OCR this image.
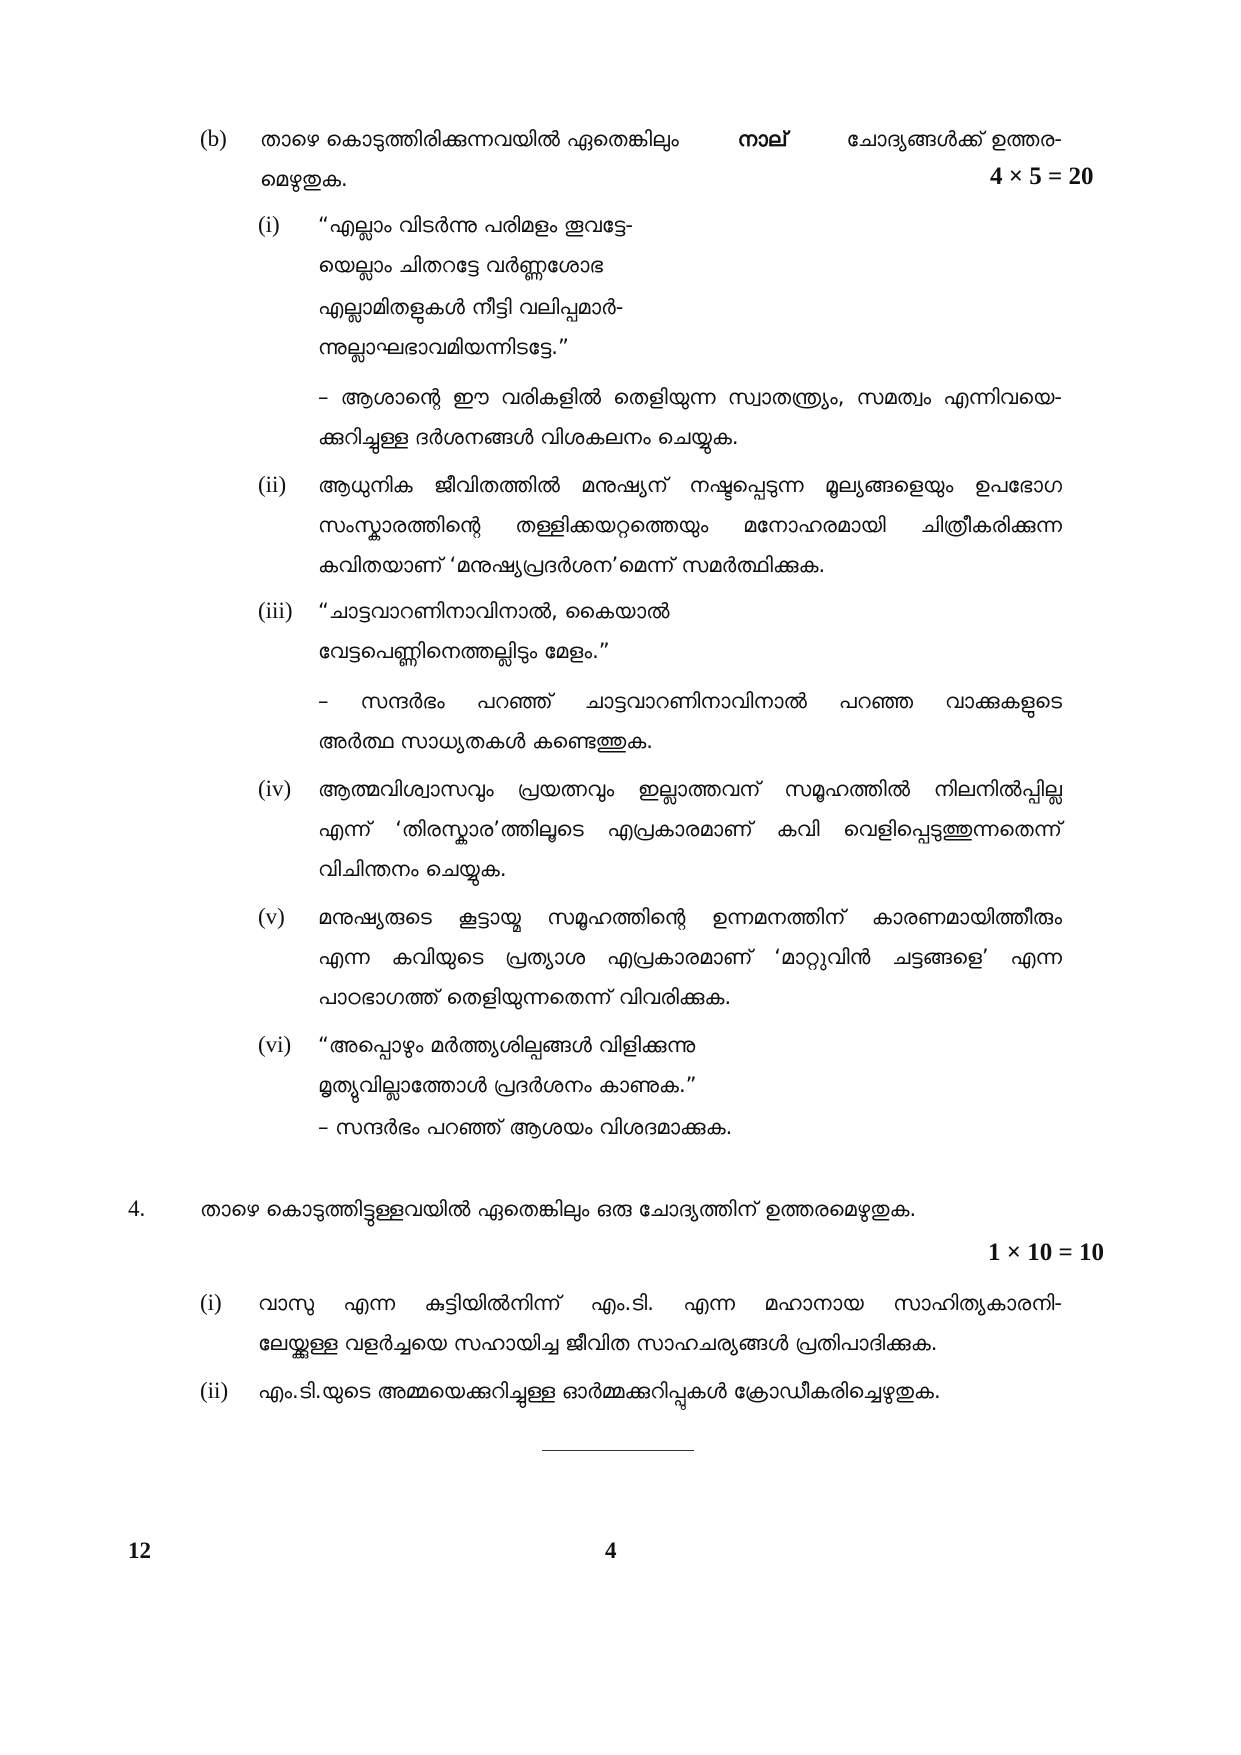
(b) താഴെ കൊടുത്തിരിക്കുന്നവയിൽ ഏതെങ്കിലും	നാല്	ചോദ്യങ്ങൾക്ക് ഉത്തര-
മെഴുതുക.	4 × 5 = 20
(i) “എല്ലാം വിടർന്നു പരിമളം തൂവട്ടേ-
യെല്ലാം ചിതറട്ടേ വർണ്ണശോഭ
എല്ലാമിതളുകൾ നീട്ടി വലിപ്പമാർ-
ന്നുല്ലാഘഭാവമിയന്നിടട്ടേ.”
– ആശാന്റെ ഈ വരികളിൽ തെളിയുന്ന സ്വാതന്ത്ര്യം, സമത്വം എന്നിവയെ-
ക്കുറിച്ചുള്ള ദർശനങ്ങൾ വിശകലനം ചെയ്യുക.
(ii) ആധുനിക ജീവിതത്തിൽ മനുഷ്യന് നഷ്ടപ്പെടുന്ന മൂല്യങ്ങളെയും ഉപഭോഗ
സംസ്കാരത്തിന്റെ തള്ളിക്കയറ്റത്തെയും മനോഹരമായി ചിത്രീകരിക്കുന്ന
കവിതയാണ് ‘മനുഷ്യപ്രദർശന’മെന്ന് സമർത്ഥിക്കുക.
(iii) “ചാട്ടവാറണിനാവിനാൽ, കൈയാൽ
വേട്ടപെണ്ണിനെത്തല്ലിടും മേളം.”
– സന്ദർഭം പറഞ്ഞ് ചാട്ടവാറണിനാവിനാൽ പറഞ്ഞ വാക്കുകളുടെ
അർത്ഥ സാധ്യതകൾ കണ്ടെത്തുക.
(iv) ആത്മവിശ്വാസവും പ്രയത്നവും ഇല്ലാത്തവന് സമൂഹത്തിൽ നിലനിൽപ്പില്ല
എന്ന് ‘തിരസ്കാര’ത്തിലൂടെ എപ്രകാരമാണ് കവി വെളിപ്പെടുത്തുന്നതെന്ന്
വിചിന്തനം ചെയ്യുക.
(v) മനുഷ്യരുടെ കൂട്ടായ്മ സമൂഹത്തിന്റെ ഉന്നമനത്തിന് കാരണമായിത്തീരും
എന്ന കവിയുടെ പ്രത്യാശ എപ്രകാരമാണ് ‘മാറ്റുവിൻ ചട്ടങ്ങളെ’ എന്ന
പാഠഭാഗത്ത് തെളിയുന്നതെന്ന് വിവരിക്കുക.
(vi) “അപ്പൊഴും മർത്ത്യശില്പങ്ങൾ വിളിക്കുന്നു
മൃത്യുവില്ലാത്തോൾ പ്രദർശനം കാണുക.”
– സന്ദർഭം പറഞ്ഞ് ആശയം വിശദമാക്കുക.
4.	താഴെ കൊടുത്തിട്ടുള്ളവയിൽ ഏതെങ്കിലും ഒരു ചോദ്യത്തിന് ഉത്തരമെഴുതുക.
1 × 10 = 10
(i) വാസു എന്ന കുട്ടിയിൽനിന്ന് എം.ടി. എന്ന മഹാനായ സാഹിത്യകാരനി-
ലേയ്ക്കുള്ള വളർച്ചയെ സഹായിച്ച ജീവിത സാഹചര്യങ്ങൾ പ്രതിപാദിക്കുക.
(ii) എം.ടി.യുടെ അമ്മയെക്കുറിച്ചുള്ള ഓർമ്മക്കുറിപ്പുകൾ ക്രോഡീകരിച്ചെഴുതുക.
12	4
